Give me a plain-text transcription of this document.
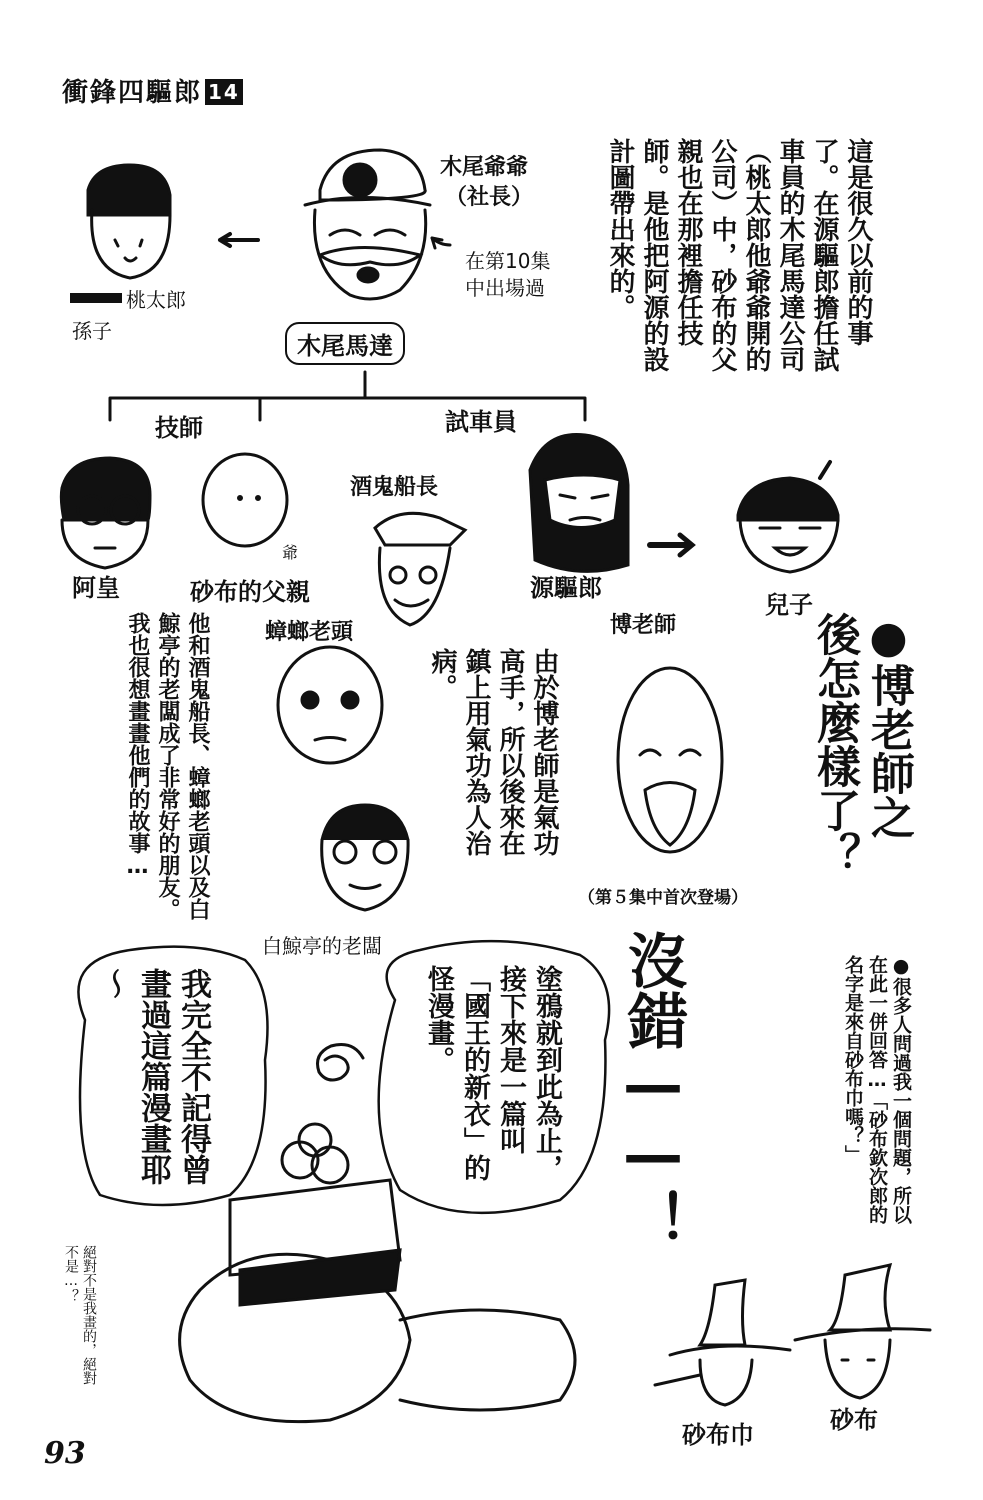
衝鋒四驅郎 14
木尾爺爺
（社長）
在第10集
中出場過
桃太郎
孫子
木尾馬達
技師	試車員
阿皇	砂布的父親
爺
酒鬼船長
源驅郎
兒子
蟑螂老頭
白鯨亭的老闆
博老師
這是很久以前的事了。在源驅郎擔任試車員的木尾馬達公司（桃太郎他爺爺開的公司）中，砂布的父親也在那裡擔任技師。是他把阿源的設計圖帶出來的。
●博老師之後怎麼樣了？
由於博老師是氣功高手，所以後來在鎮上用氣功為人治病。
他和酒鬼船長、蟑螂老頭以及白鯨亭的老闆成了非常好的朋友。我也很想畫畫他們的故事…
（第５集中首次登場）
●很多人問過我一個問題，所以在此一併回答…「砂布欽次郎的名字是來自砂布巾嗎？」
沒錯——！
塗鴉就到此為止，接下來是一篇叫「國王的新衣」的怪漫畫。
我完全不記得曾畫過這篇漫畫耶～
絕對不是我畫的，絕對不是…？
砂布巾
砂布
93
